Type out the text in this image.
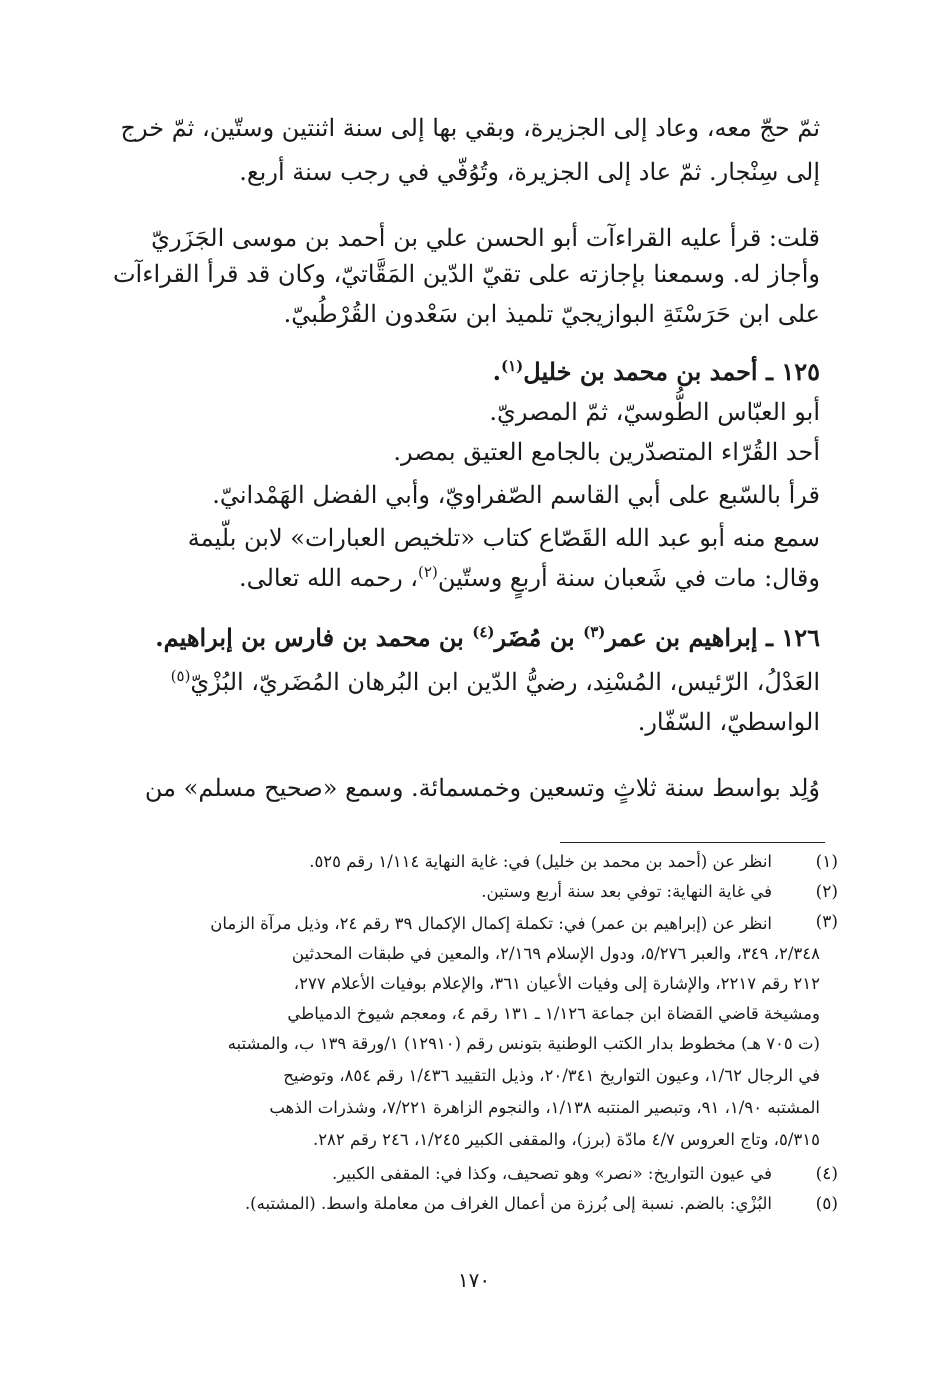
ثمّ حجّ معه، وعاد إلى الجزيرة، وبقي بها إلى سنة اثنتين وستّين، ثمّ خرج
إلى سِنْجار. ثمّ عاد إلى الجزيرة، وتُوُفّي في رجب سنة أربع.
قلت: قرأ عليه القراءآت أبو الحسن علي بن أحمد بن موسى الجَزَريّ
وأجاز له. وسمعنا بإجازته على تقيّ الدّين المَقَّاتيّ، وكان قد قرأ القراءآت
على ابن حَرَسْتَةِ البوازيجيّ تلميذ ابن سَعْدون القُرْطُبيّ.
١٢٥ ـ أحمد بن محمد بن خليل$^{(١)}$.
أبو العبّاس الطُّوسيّ، ثمّ المصريّ.
أحد القُرّاء المتصدّرين بالجامع العتيق بمصر.
قرأ بالسّبع على أبي القاسم الصّفراويّ، وأبي الفضل الهَمْدانيّ.
سمع منه أبو عبد الله القَصّاع كتاب «تلخيص العبارات» لابن بلّيمة
وقال: مات في شَعبان سنة أربعٍ وستّين$^{(٢)}$، رحمه الله تعالى.
١٢٦ ـ إبراهيم بن عمر$^{(٣)}$ بن مُضَر$^{(٤)}$ بن محمد بن فارس بن إبراهيم.
العَدْلُ، الرّئيس، المُسْنِد، رضيُّ الدّين ابن البُرهان المُضَريّ، البُزْيّ$^{(٥)}$
الواسطيّ، السّفّار.
وُلِد بواسط سنة ثلاثٍ وتسعين وخمسمائة. وسمع «صحيح مسلم» من
(١)
انظر عن (أحمد بن محمد بن خليل) في: غاية النهاية ١/١١٤ رقم ٥٢٥.
(٢)
في غاية النهاية: توفي بعد سنة أربع وستين.
(٣)
انظر عن (إبراهيم بن عمر) في: تكملة إكمال الإكمال ٣٩ رقم ٢٤، وذيل مرآة الزمان
٢/٣٤٨، ٣٤٩، والعبر ٥/٢٧٦، ودول الإسلام ٢/١٦٩، والمعين في طبقات المحدثين
٢١٢ رقم ٢٢١٧، والإشارة إلى وفيات الأعيان ٣٦١، والإعلام بوفيات الأعلام ٢٧٧،
ومشيخة قاضي القضاة ابن جماعة ١/١٢٦ ـ ١٣١ رقم ٤، ومعجم شيوخ الدمياطي
(ت ٧٠٥ هـ) مخطوط بدار الكتب الوطنية بتونس رقم (١٢٩١٠) ١/ورقة ١٣٩ ب، والمشتبه
في الرجال ١/٦٢، وعيون التواريخ ٢٠/٣٤١، وذيل التقييد ١/٤٣٦ رقم ٨٥٤، وتوضيح
المشتبه ١/٩٠، ٩١، وتبصير المنتبه ١/١٣٨، والنجوم الزاهرة ٧/٢٢١، وشذرات الذهب
٥/٣١٥، وتاج العروس ٤/٧ مادّة (برز)، والمقفى الكبير ١/٢٤٥، ٢٤٦ رقم ٢٨٢.
(٤)
في عيون التواريخ: «نصر» وهو تصحيف، وكذا في: المقفى الكبير.
(٥)
البُزْي: بالضم. نسبة إلى بُرزة من أعمال الغراف من معاملة واسط. (المشتبه).
١٧٠
